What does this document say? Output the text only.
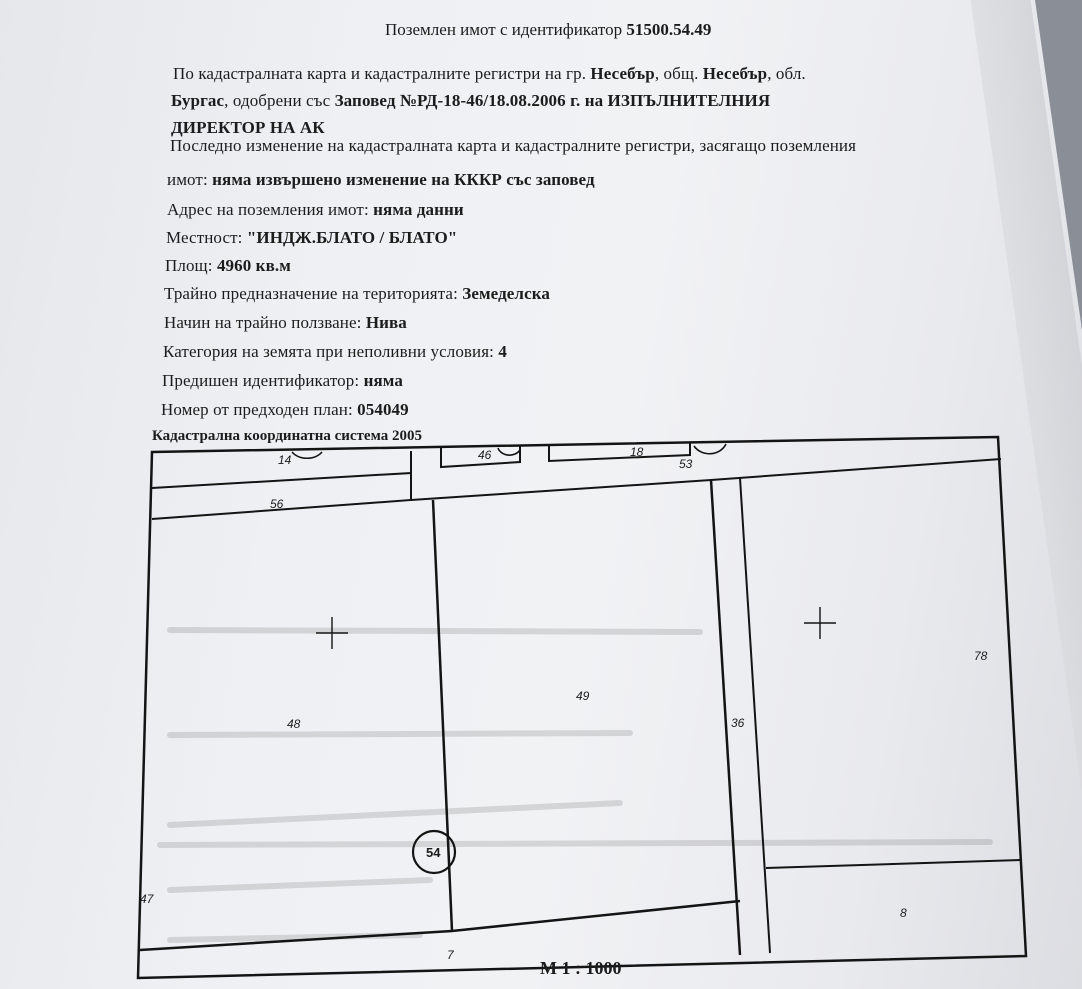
Поземлен имот с идентификатор 51500.54.49
По кадастралната карта и кадастралните регистри на гр. Несебър, общ. Несебър, обл.
Бургас, одобрени със Заповед №РД-18-46/18.08.2006 г. на ИЗПЪЛНИТЕЛНИЯ
ДИРЕКТОР НА АК
Последно изменение на кадастралната карта и кадастралните регистри, засягащо поземления
имот: няма извършено изменение на КККР със заповед
Адрес на поземления имот: няма данни
Местност: "ИНДЖ.БЛАТО / БЛАТО"
Площ: 4960 кв.м
Трайно предназначение на територията: Земеделска
Начин на трайно ползване: Нива
Категория на земята при неполивни условия: 4
Предишен идентификатор: няма
Номер от предходен план: 054049
Кадастрална координатна система 2005
14	46	18
53
56
49
78
48	36
54
47
8
7
М 1 : 1000
